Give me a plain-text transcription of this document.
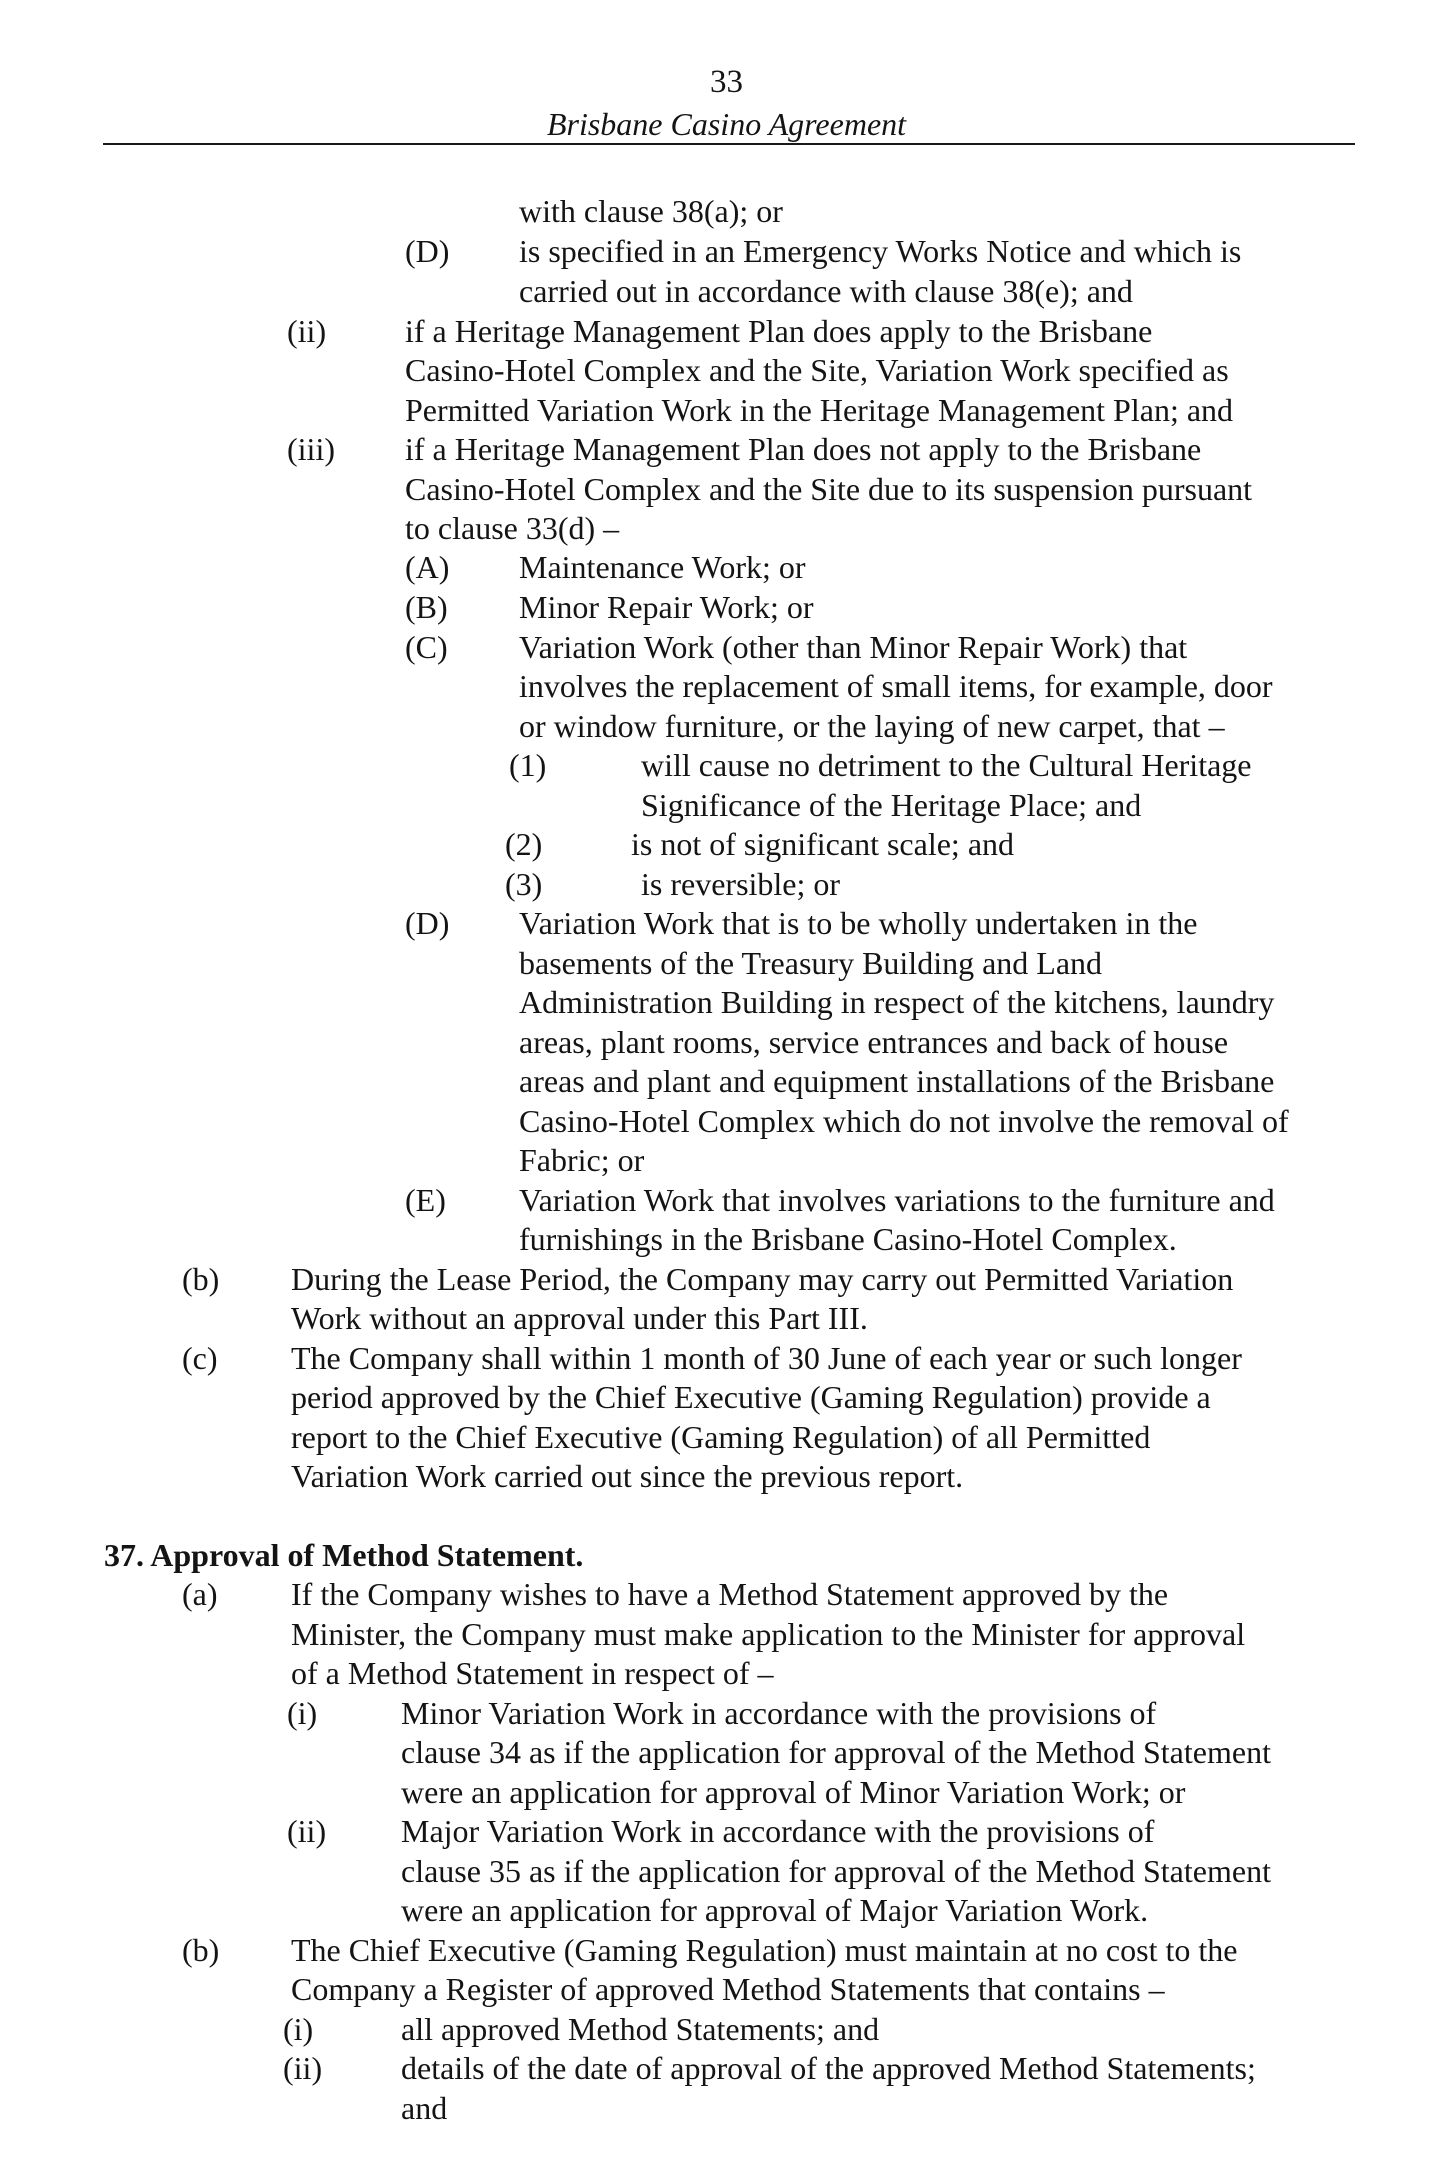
33
Brisbane Casino Agreement
with clause 38(a); or
(D) is specified in an Emergency Works Notice and which is
carried out in accordance with clause 38(e); and
(ii) if a Heritage Management Plan does apply to the Brisbane
Casino-Hotel Complex and the Site, Variation Work specified as
Permitted Variation Work in the Heritage Management Plan; and
(iii) if a Heritage Management Plan does not apply to the Brisbane
Casino-Hotel Complex and the Site due to its suspension pursuant
to clause 33(d) –
(A) Maintenance Work; or
(B) Minor Repair Work; or
(C) Variation Work (other than Minor Repair Work) that
involves the replacement of small items, for example, door
or window furniture, or the laying of new carpet, that –
(1)	will cause no detriment to the Cultural Heritage
Significance of the Heritage Place; and
(2)	is not of significant scale; and
(3)	is reversible; or
(D) Variation Work that is to be wholly undertaken in the
basements of the Treasury Building and Land
Administration Building in respect of the kitchens, laundry
areas, plant rooms, service entrances and back of house
areas and plant and equipment installations of the Brisbane
Casino-Hotel Complex which do not involve the removal of
Fabric; or
(E) Variation Work that involves variations to the furniture and
furnishings in the Brisbane Casino-Hotel Complex.
(b) During the Lease Period, the Company may carry out Permitted Variation
Work without an approval under this Part III.
(c) The Company shall within 1 month of 30 June of each year or such longer
period approved by the Chief Executive (Gaming Regulation) provide a
report to the Chief Executive (Gaming Regulation) of all Permitted
Variation Work carried out since the previous report.
37. Approval of Method Statement.
(a) If the Company wishes to have a Method Statement approved by the
Minister, the Company must make application to the Minister for approval
of a Method Statement in respect of –
(i)	Minor Variation Work in accordance with the provisions of
clause 34 as if the application for approval of the Method Statement
were an application for approval of Minor Variation Work; or
(ii) Major Variation Work in accordance with the provisions of
clause 35 as if the application for approval of the Method Statement
were an application for approval of Major Variation Work.
(b) The Chief Executive (Gaming Regulation) must maintain at no cost to the
Company a Register of approved Method Statements that contains –
(i)	all approved Method Statements; and
(ii) details of the date of approval of the approved Method Statements;
and
